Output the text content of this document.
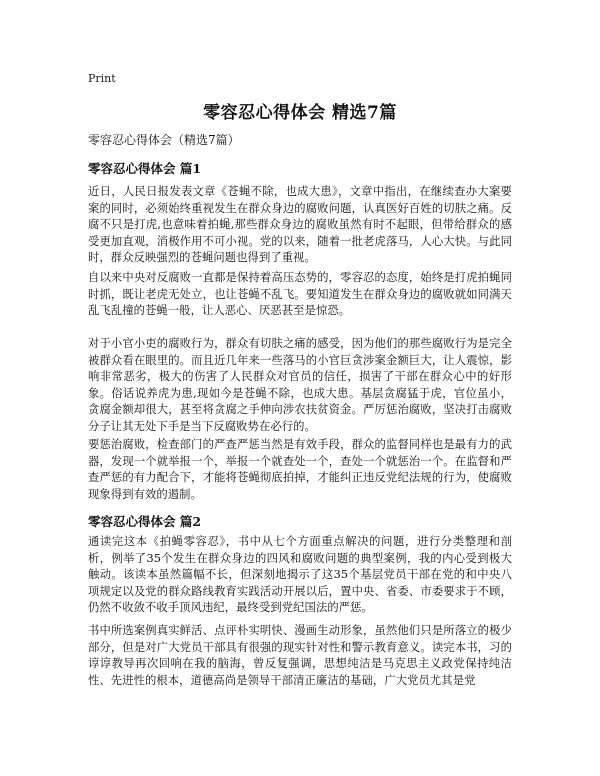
Print
零容忍心得体会 精选7篇
零容忍心得体会（精选7篇）
零容忍心得体会 篇1
近日，人民日报发表文章《苍蝇不除，也成大患》，文章中指出，在继续查办大案要案的同时，必须始终重视发生在群众身边的腐败问题，认真医好百姓的切肤之痛。反腐不只是打虎,也意味着拍蝇,那些群众身边的腐败虽然有时不起眼，但带给群众的感受更加直观，消极作用不可小视。党的以来，随着一批老虎落马，人心大快。与此同时，群众反映强烈的苍蝇问题也得到了重视。
自以来中央对反腐败一直都是保持着高压态势的，零容忍的态度，始终是打虎拍蝇同时抓，既让老虎无处立，也让苍蝇不乱飞。要知道发生在群众身边的腐败就如同满天乱飞乱撞的苍蝇一般，让人恶心、厌恶甚至是惊恐。
对于小官小吏的腐败行为，群众有切肤之痛的感受，因为他们的那些腐败行为是完全被群众看在眼里的。而且近几年来一些落马的小官巨贪涉案金额巨大，让人震惊，影响非常恶劣，极大的伤害了人民群众对官员的信任，损害了干部在群众心中的好形象。俗话说养虎为患,现如今是苍蝇不除，也成大患。基层贪腐猛于虎，官位虽小，贪腐金额却很大，甚至将贪腐之手伸向涉农扶贫资金。严厉惩治腐败，坚决打击腐败分子让其无处下手是当下反腐败势在必行的。
要惩治腐败，检查部门的严查严惩当然是有效手段，群众的监督同样也是最有力的武器，发现一个就举报一个，举报一个就查处一个，查处一个就惩治一个。在监督和严查严惩的有力配合下，才能将苍蝇彻底拍掉，才能纠正违反党纪法规的行为，使腐败现象得到有效的遏制。
零容忍心得体会 篇2
通读完这本《拍蝇零容忍》，书中从七个方面重点解决的问题，进行分类整理和剖析，例举了35个发生在群众身边的四风和腐败问题的典型案例，我的内心受到极大触动。该读本虽然篇幅不长，但深刻地揭示了这35个基层党员干部在党的和中央八项规定以及党的群众路线教育实践活动开展以后，置中央、省委、市委要求于不顾，仍然不收敛不收手顶风违纪，最终受到党纪国法的严惩。
书中所选案例真实鲜活、点评朴实明快、漫画生动形象，虽然他们只是所落立的极少部分，但是对广大党员干部具有很强的现实针对性和警示教育意义。读完本书，习的谆谆教导再次回响在我的脑海，曾反复强调，思想纯洁是马克思主义政党保持纯洁性、先进性的根本，道德高尚是领导干部清正廉洁的基础，广大党员尤其是党
